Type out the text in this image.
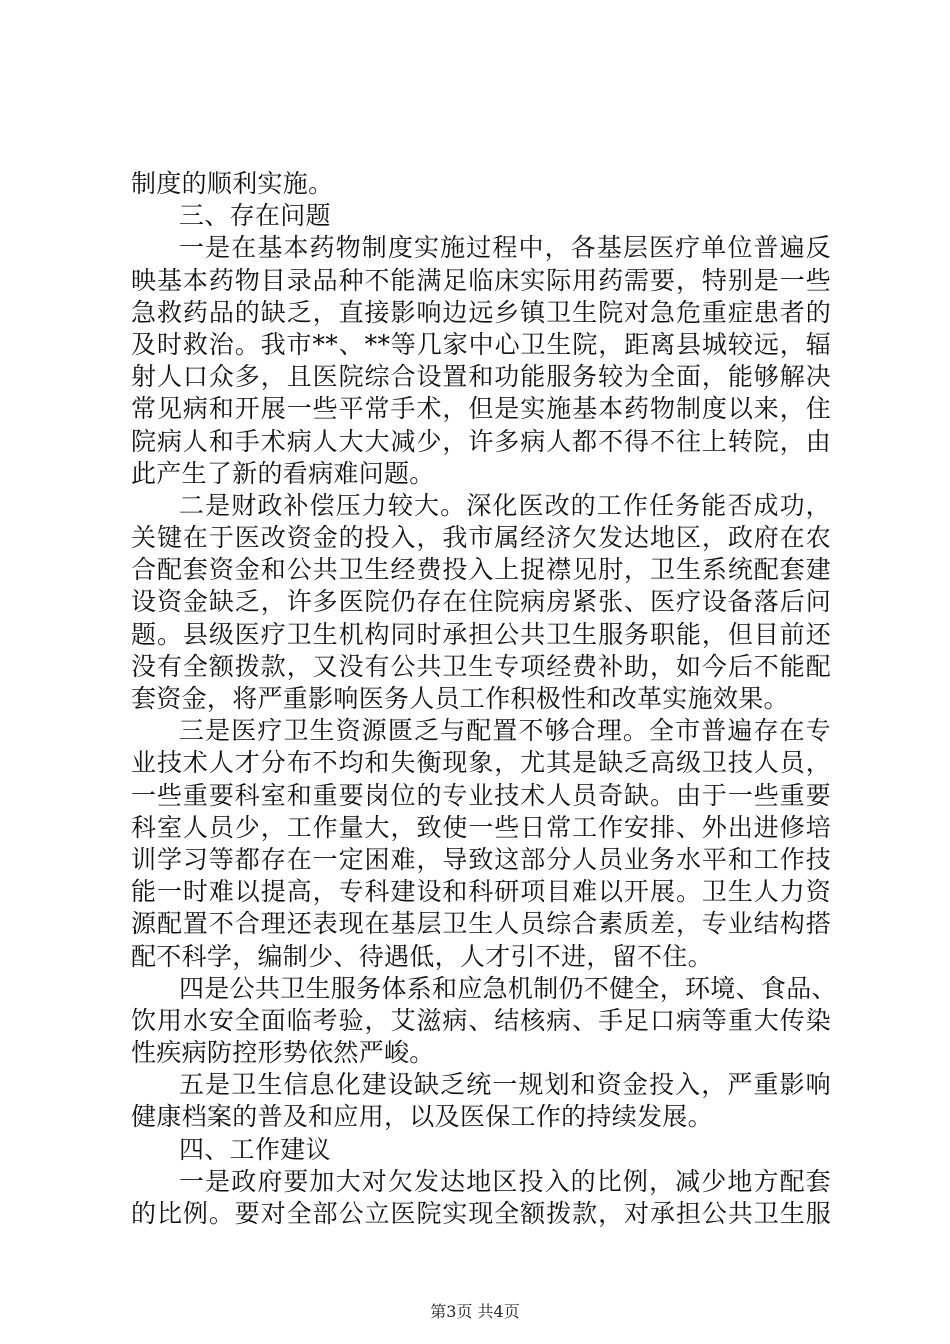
制度的顺利实施。
三、存在问题
一是在基本药物制度实施过程中，各基层医疗单位普遍反
映基本药物目录品种不能满足临床实际用药需要，特别是一些
急救药品的缺乏，直接影响边远乡镇卫生院对急危重症患者的
及时救治。我市**、**等几家中心卫生院，距离县城较远，辐
射人口众多，且医院综合设置和功能服务较为全面，能够解决
常见病和开展一些平常手术，但是实施基本药物制度以来，住
院病人和手术病人大大减少，许多病人都不得不往上转院，由
此产生了新的看病难问题。
二是财政补偿压力较大。深化医改的工作任务能否成功，
关键在于医改资金的投入，我市属经济欠发达地区，政府在农
合配套资金和公共卫生经费投入上捉襟见肘，卫生系统配套建
设资金缺乏，许多医院仍存在住院病房紧张、医疗设备落后问
题。县级医疗卫生机构同时承担公共卫生服务职能，但目前还
没有全额拨款，又没有公共卫生专项经费补助，如今后不能配
套资金，将严重影响医务人员工作积极性和改革实施效果。
三是医疗卫生资源匮乏与配置不够合理。全市普遍存在专
业技术人才分布不均和失衡现象，尤其是缺乏高级卫技人员，
一些重要科室和重要岗位的专业技术人员奇缺。由于一些重要
科室人员少，工作量大，致使一些日常工作安排、外出进修培
训学习等都存在一定困难，导致这部分人员业务水平和工作技
能一时难以提高，专科建设和科研项目难以开展。卫生人力资
源配置不合理还表现在基层卫生人员综合素质差，专业结构搭
配不科学，编制少、待遇低，人才引不进，留不住。
四是公共卫生服务体系和应急机制仍不健全，环境、食品、
饮用水安全面临考验，艾滋病、结核病、手足口病等重大传染
性疾病防控形势依然严峻。
五是卫生信息化建设缺乏统一规划和资金投入，严重影响
健康档案的普及和应用，以及医保工作的持续发展。
四、工作建议
一是政府要加大对欠发达地区投入的比例，减少地方配套
的比例。要对全部公立医院实现全额拨款，对承担公共卫生服
第3页 共4页
